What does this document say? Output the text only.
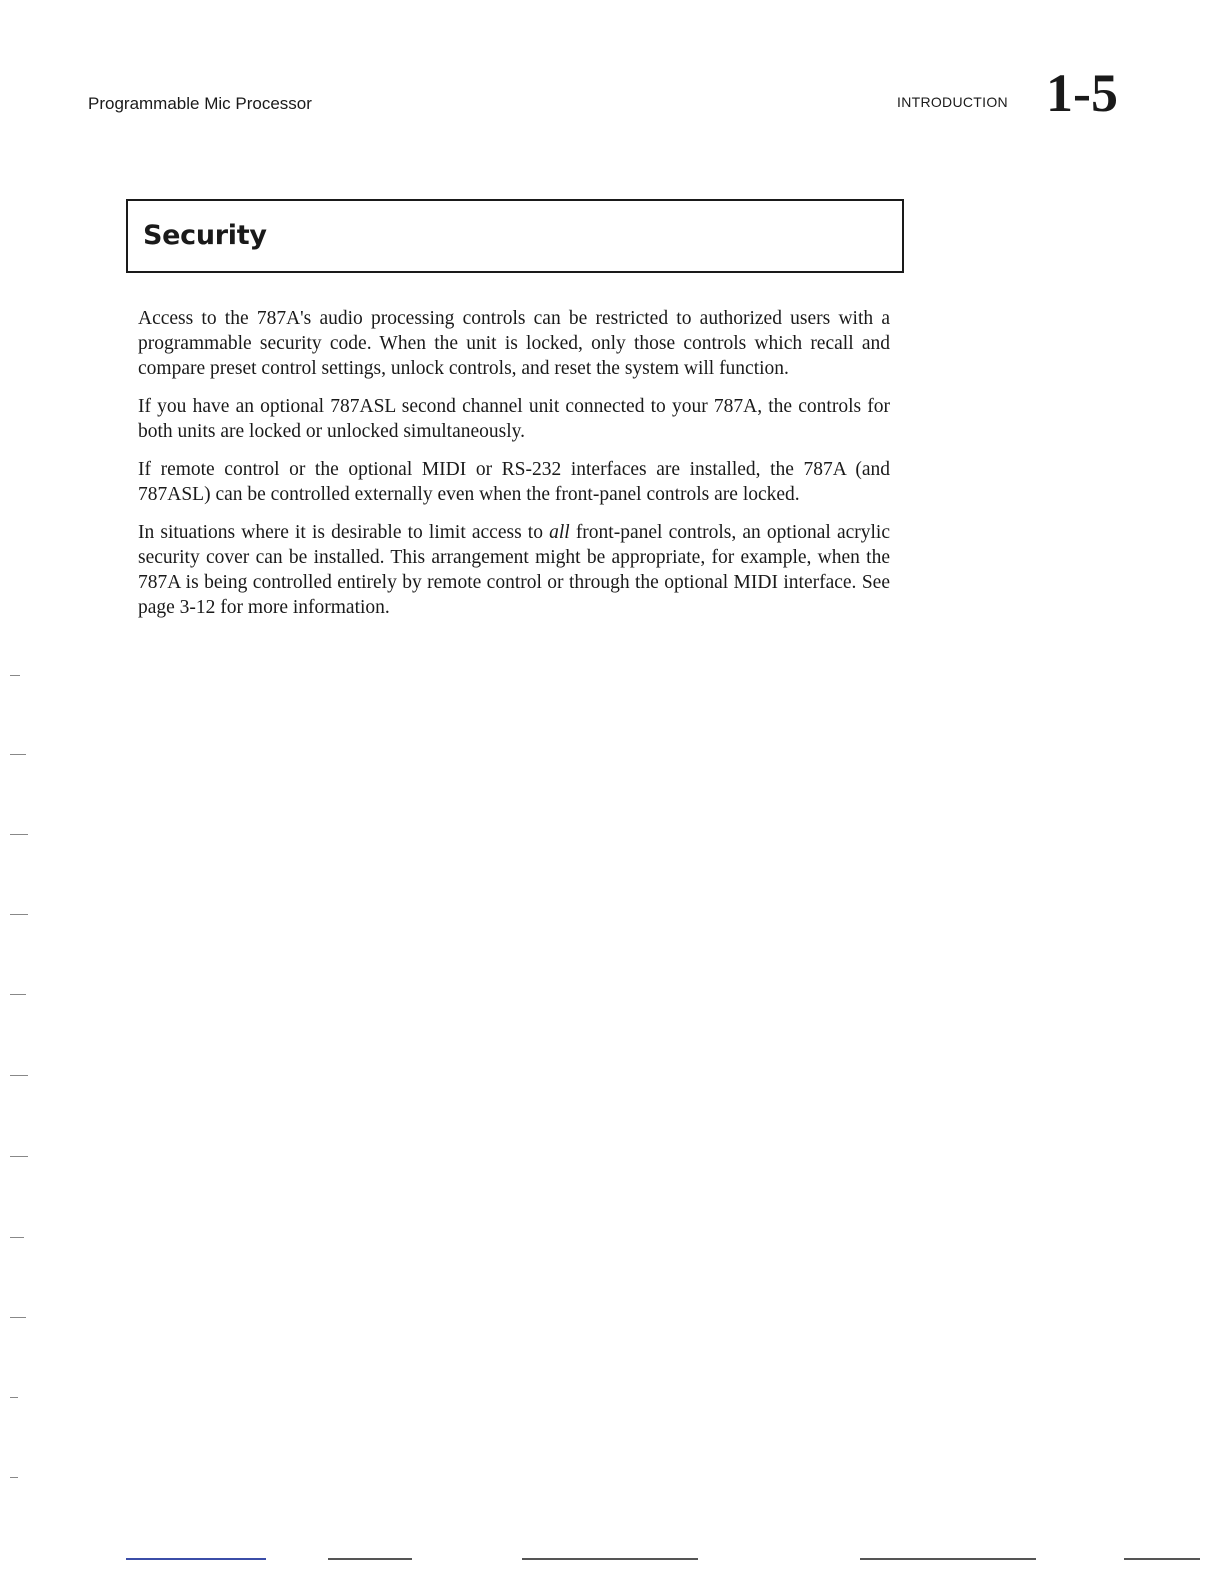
Programmable Mic Processor	INTRODUCTION 1-5
Security

Access to the 787A's audio processing controls can be restricted to authorized users with a programmable security code. When the unit is locked, only those controls which recall and compare preset control settings, unlock controls, and reset the system will function.

If you have an optional 787ASL second channel unit connected to your 787A, the controls for both units are locked or unlocked simultaneously.

If remote control or the optional MIDI or RS-232 interfaces are installed, the 787A (and 787ASL) can be controlled externally even when the front-panel controls are locked.

In situations where it is desirable to limit access to all front-panel controls, an optional acrylic security cover can be installed. This arrangement might be appropriate, for example, when the 787A is being controlled entirely by remote control or through the optional MIDI interface. See page 3-12 for more information.
